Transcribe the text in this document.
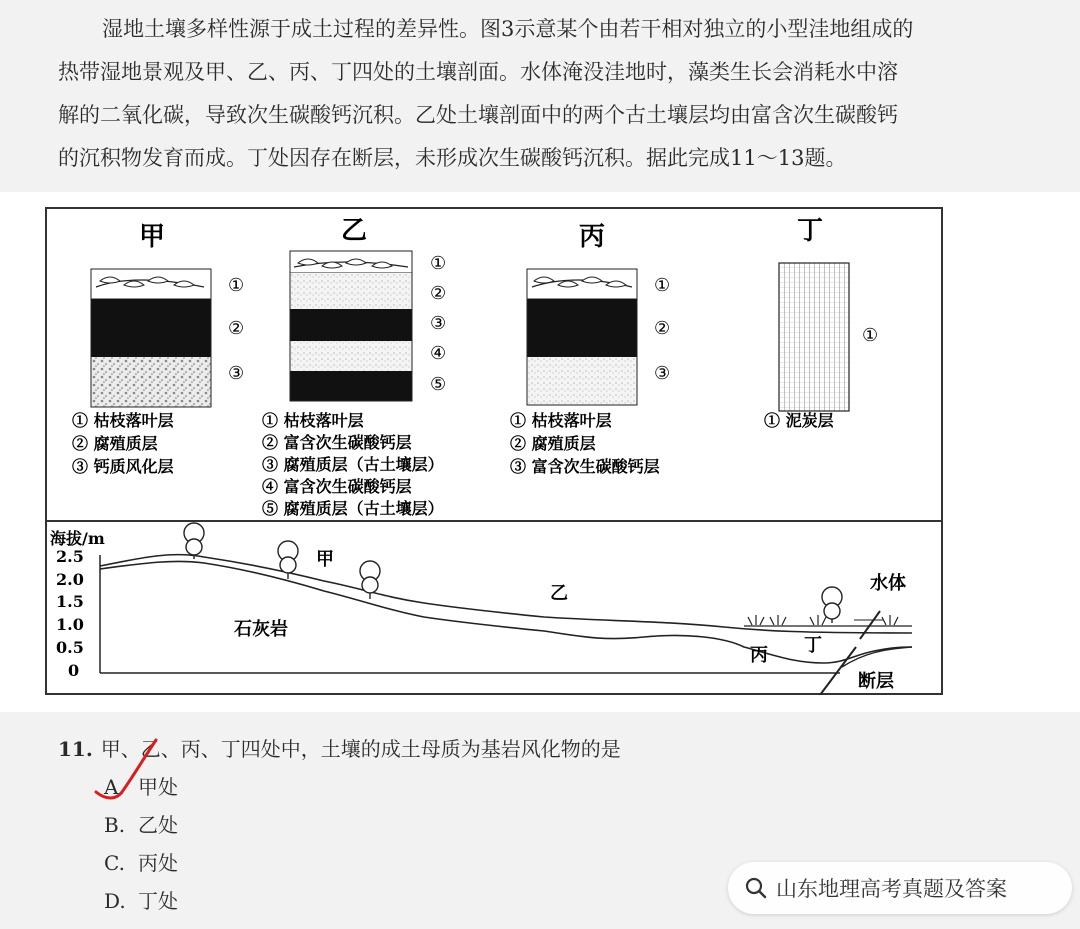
湿地土壤多样性源于成土过程的差异性。图3示意某个由若干相对独立的小型洼地组成的
热带湿地景观及甲、乙、丙、丁四处的土壤剖面。水体淹没洼地时，藻类生长会消耗水中溶
解的二氧化碳，导致次生碳酸钙沉积。乙处土壤剖面中的两个古土壤层均由富含次生碳酸钙
的沉积物发育而成。丁处因存在断层，未形成次生碳酸钙沉积。据此完成11～13题。
甲
①
②
③
① 枯枝落叶层
② 腐殖质层
③ 钙质风化层
乙
①
②
③
④
⑤
① 枯枝落叶层
② 富含次生碳酸钙层
③ 腐殖质层（古土壤层）
④ 富含次生碳酸钙层
⑤ 腐殖质层（古土壤层）
丙
①
②
③
① 枯枝落叶层
② 腐殖质层
③ 富含次生碳酸钙层
丁
①
① 泥炭层
海拔/m
2.5
2.0
1.5
1.0
0.5
0
甲
乙
丙 丁
石灰岩
水体
断层
11. 甲、乙、丙、丁四处中，土壤的成土母质为基岩风化物的是
A. 甲处
B. 乙处
C. 丙处
D. 丁处	山东地理高考真题及答案
